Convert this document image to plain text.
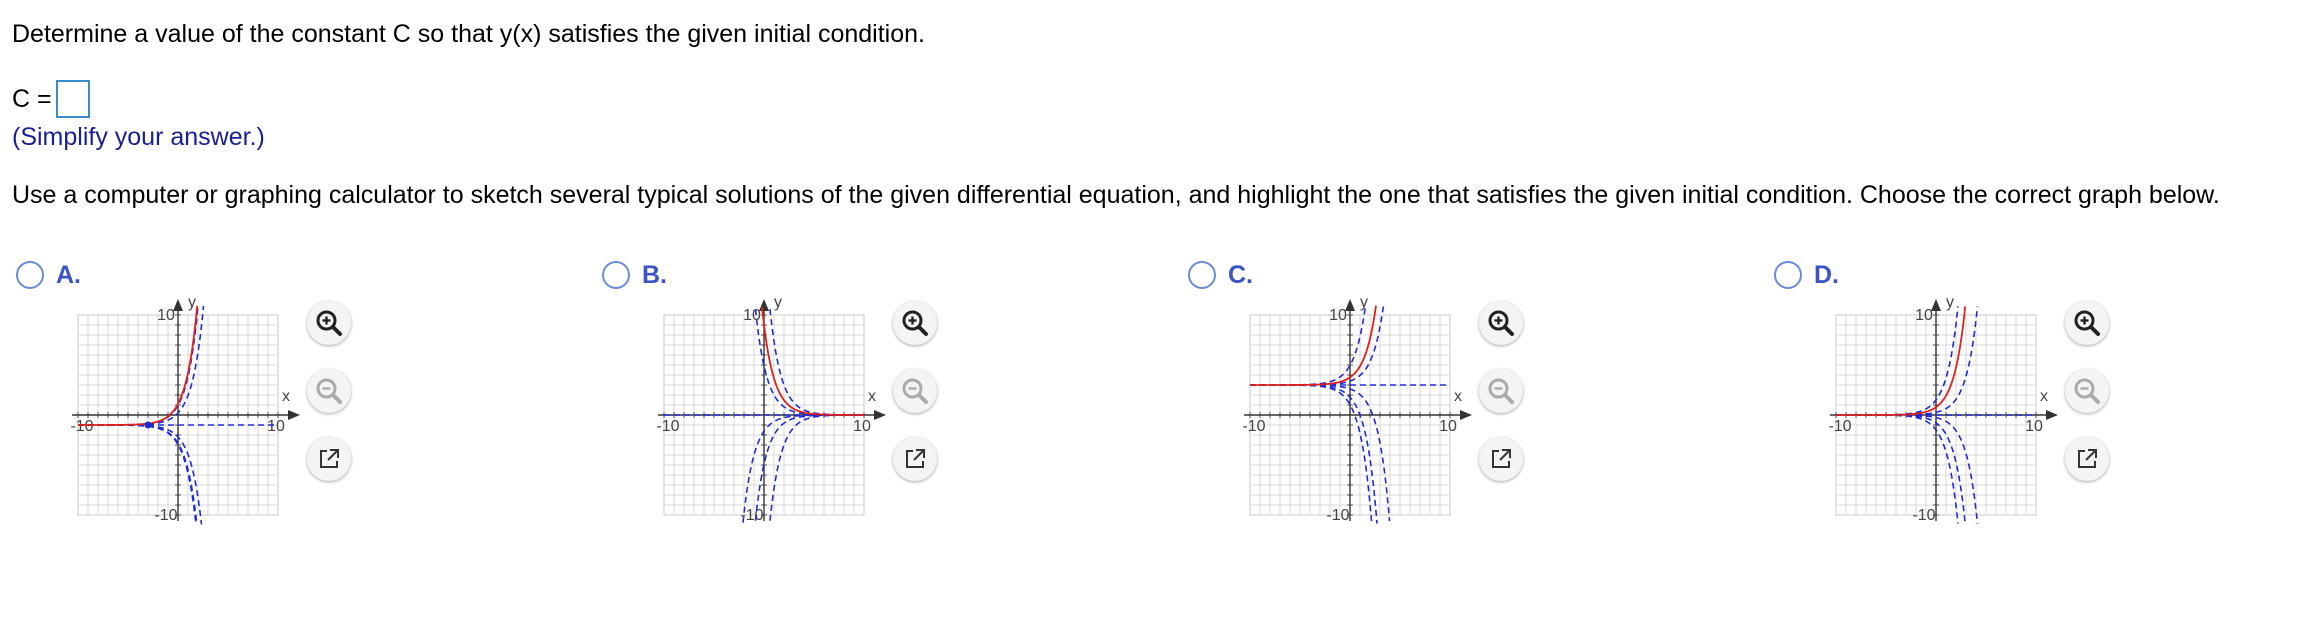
Determine a value of the constant C so that y(x) satisfies the given initial condition.
C =
(Simplify your answer.)
Use a computer or graphing calculator to sketch several typical solutions of the given differential equation, and highlight the one that satisfies the given initial condition. Choose the correct graph below.
A.
x
y
-10	10
10
-10
B.
x
y
-10	10
10
-10
C.
x
y
-10	10
10
-10
D.
x
y
-10	10
10
-10
